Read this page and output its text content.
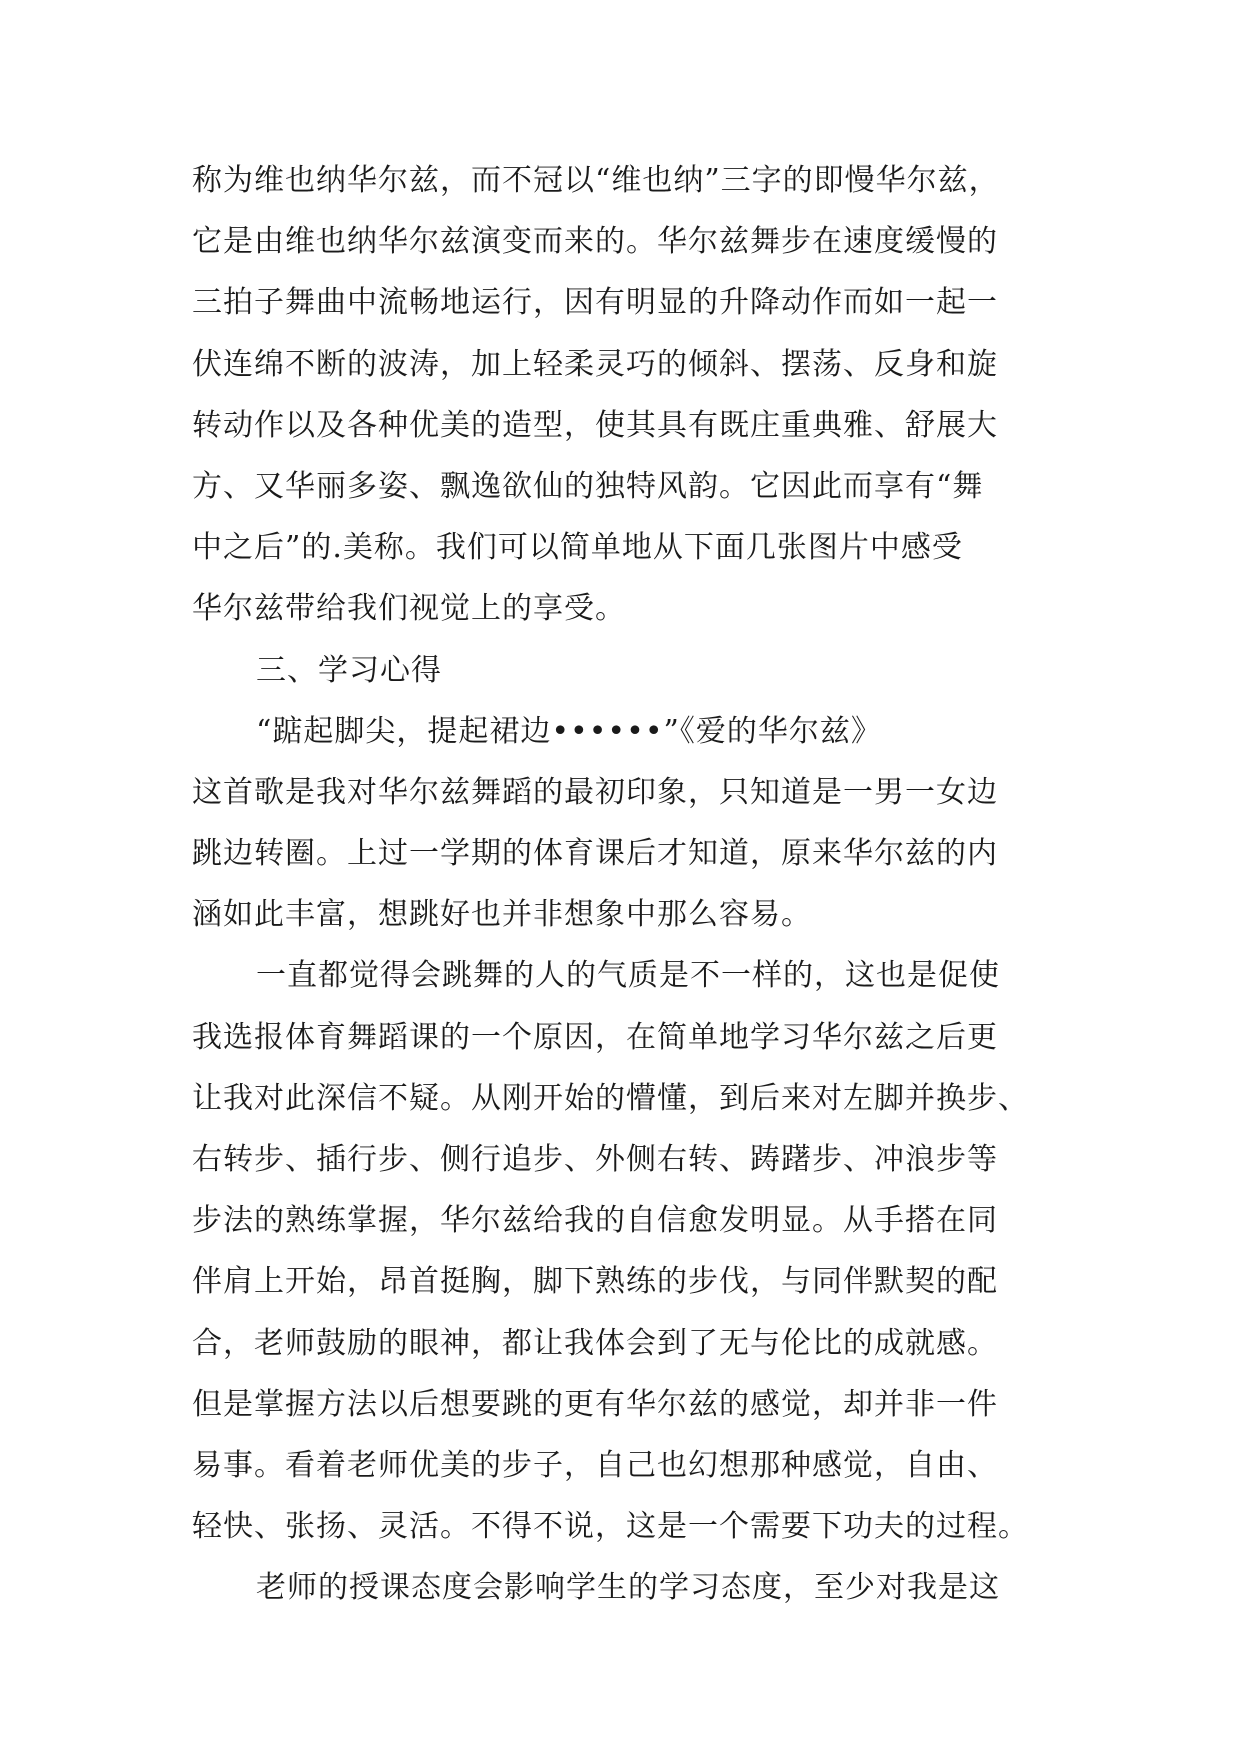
称为维也纳华尔兹，而不冠以“维也纳”三字的即慢华尔兹，
它是由维也纳华尔兹演变而来的。华尔兹舞步在速度缓慢的
三拍子舞曲中流畅地运行，因有明显的升降动作而如一起一
伏连绵不断的波涛，加上轻柔灵巧的倾斜、摆荡、反身和旋
转动作以及各种优美的造型，使其具有既庄重典雅、舒展大
方、又华丽多姿、飘逸欲仙的独特风韵。它因此而享有“舞
中之后”的.美称。我们可以简单地从下面几张图片中感受
华尔兹带给我们视觉上的享受。
三、学习心得
“踮起脚尖，提起裙边••••••”《爱的华尔兹》
这首歌是我对华尔兹舞蹈的最初印象，只知道是一男一女边
跳边转圈。上过一学期的体育课后才知道，原来华尔兹的内
涵如此丰富，想跳好也并非想象中那么容易。
一直都觉得会跳舞的人的气质是不一样的，这也是促使
我选报体育舞蹈课的一个原因，在简单地学习华尔兹之后更
让我对此深信不疑。从刚开始的懵懂，到后来对左脚并换步、
右转步、插行步、侧行追步、外侧右转、踌躇步、冲浪步等
步法的熟练掌握，华尔兹给我的自信愈发明显。从手搭在同
伴肩上开始，昂首挺胸，脚下熟练的步伐，与同伴默契的配
合，老师鼓励的眼神，都让我体会到了无与伦比的成就感。
但是掌握方法以后想要跳的更有华尔兹的感觉，却并非一件
易事。看着老师优美的步子，自己也幻想那种感觉，自由、
轻快、张扬、灵活。不得不说，这是一个需要下功夫的过程。
老师的授课态度会影响学生的学习态度，至少对我是这
